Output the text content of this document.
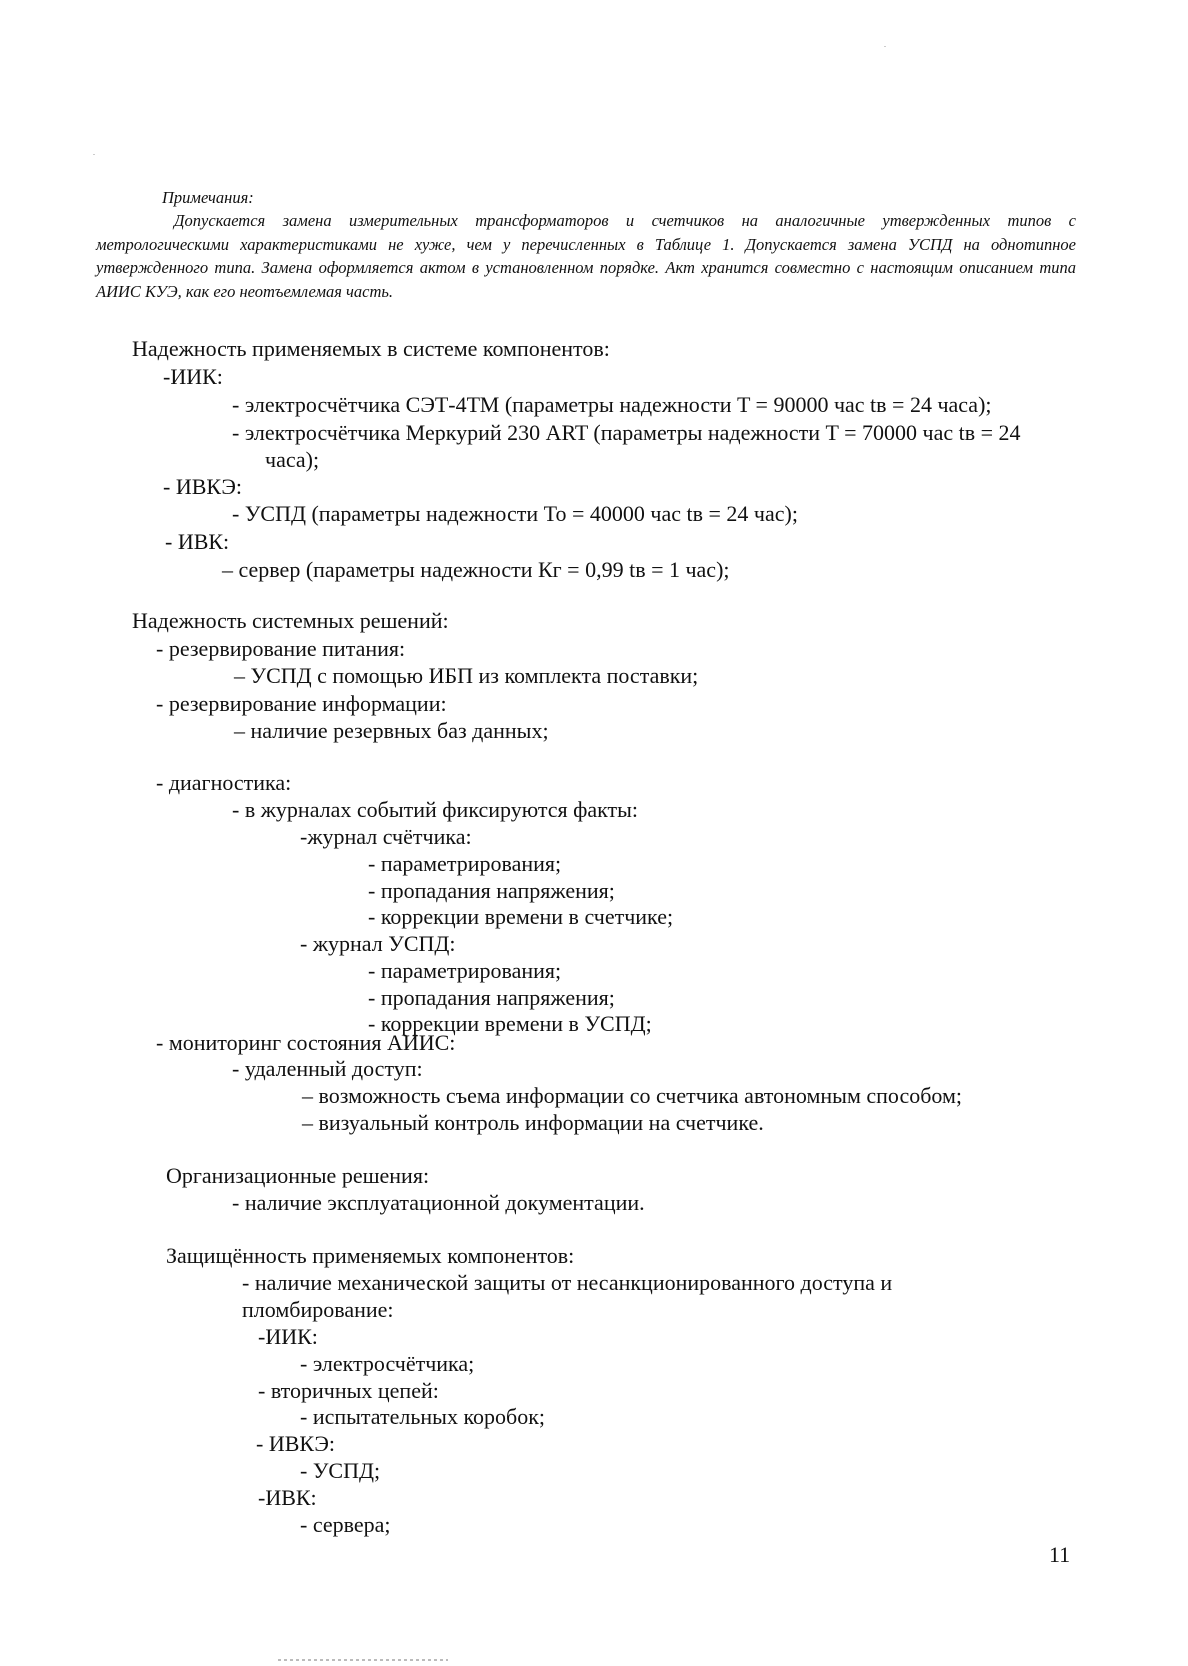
Примечания:
Допускается замена измерительных трансформаторов и счетчиков на аналогичные утвержденных типов с метрологическими характеристиками не хуже, чем у перечисленных в Таблице 1. Допускается замена УСПД на однотипное утвержденного типа. Замена оформляется актом в установленном порядке. Акт хранится совместно с настоящим описанием типа АИИС КУЭ, как его неотъемлемая часть.
Надежность применяемых в системе компонентов:
-ИИК:
- электросчётчика СЭТ-4ТМ (параметры надежности T = 90000 час tв = 24 часа);
- электросчётчика Меркурий 230 ART (параметры надежности T = 70000 час tв = 24
часа);
- ИВКЭ:
- УСПД (параметры надежности To = 40000 час tв = 24 час);
- ИВК:
– сервер (параметры надежности Кг = 0,99 tв = 1 час);
Надежность системных решений:
- резервирование питания:
– УСПД с помощью ИБП из комплекта поставки;
- резервирование информации:
– наличие резервных баз данных;
- диагностика:
- в журналах событий фиксируются факты:
-журнал счётчика:
- параметрирования;
- пропадания напряжения;
- коррекции времени в счетчике;
- журнал УСПД:
- параметрирования;
- пропадания напряжения;
- коррекции времени в УСПД;
- мониторинг состояния АИИС:
- удаленный доступ:
– возможность съема информации со счетчика автономным способом;
– визуальный контроль информации на счетчике.
Организационные решения:
- наличие эксплуатационной документации.
Защищённость применяемых компонентов:
- наличие механической защиты от несанкционированного доступа и
пломбирование:
-ИИК:
- электросчётчика;
- вторичных цепей:
- испытательных коробок;
- ИВКЭ:
- УСПД;
-ИВК:
- сервера;
11
